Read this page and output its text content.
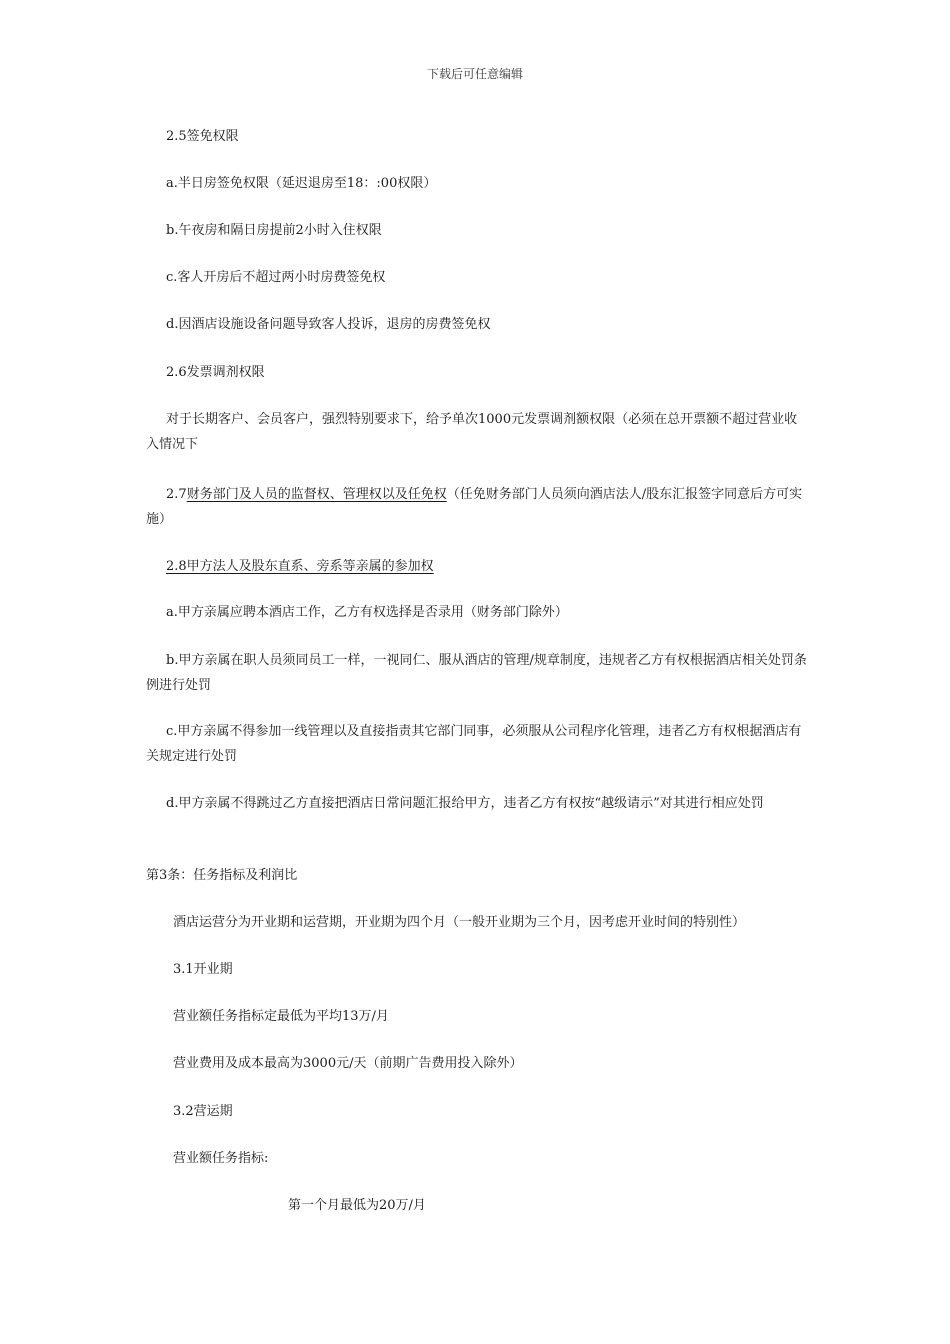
下载后可任意编辑
2.5签免权限
a.半日房签免权限（延迟退房至18：:00权限）
b.午夜房和隔日房提前2小时入住权限
c.客人开房后不超过两小时房费签免权
d.因酒店设施设备问题导致客人投诉，退房的房费签免权
2.6发票调剂权限
对于长期客户、会员客户，强烈特别要求下，给予单次1000元发票调剂额权限（必须在总开票额不超过营业收入情况下
2.7财务部门及人员的监督权、管理权以及任免权（任免财务部门人员须向酒店法人/股东汇报签字同意后方可实施）
2.8甲方法人及股东直系、旁系等亲属的参加权
a.甲方亲属应聘本酒店工作，乙方有权选择是否录用（财务部门除外）
b.甲方亲属在职人员须同员工一样，一视同仁、服从酒店的管理/规章制度，违规者乙方有权根据酒店相关处罚条例进行处罚
c.甲方亲属不得参加一线管理以及直接指责其它部门同事，必须服从公司程序化管理，违者乙方有权根据酒店有关规定进行处罚
d.甲方亲属不得跳过乙方直接把酒店日常问题汇报给甲方，违者乙方有权按“越级请示”对其进行相应处罚
第3条：任务指标及利润比
酒店运营分为开业期和运营期，开业期为四个月（一般开业期为三个月，因考虑开业时间的特别性）
3.1开业期
营业额任务指标定最低为平均13万/月
营业费用及成本最高为3000元/天（前期广告费用投入除外）
3.2营运期
营业额任务指标:
第一个月最低为20万/月
